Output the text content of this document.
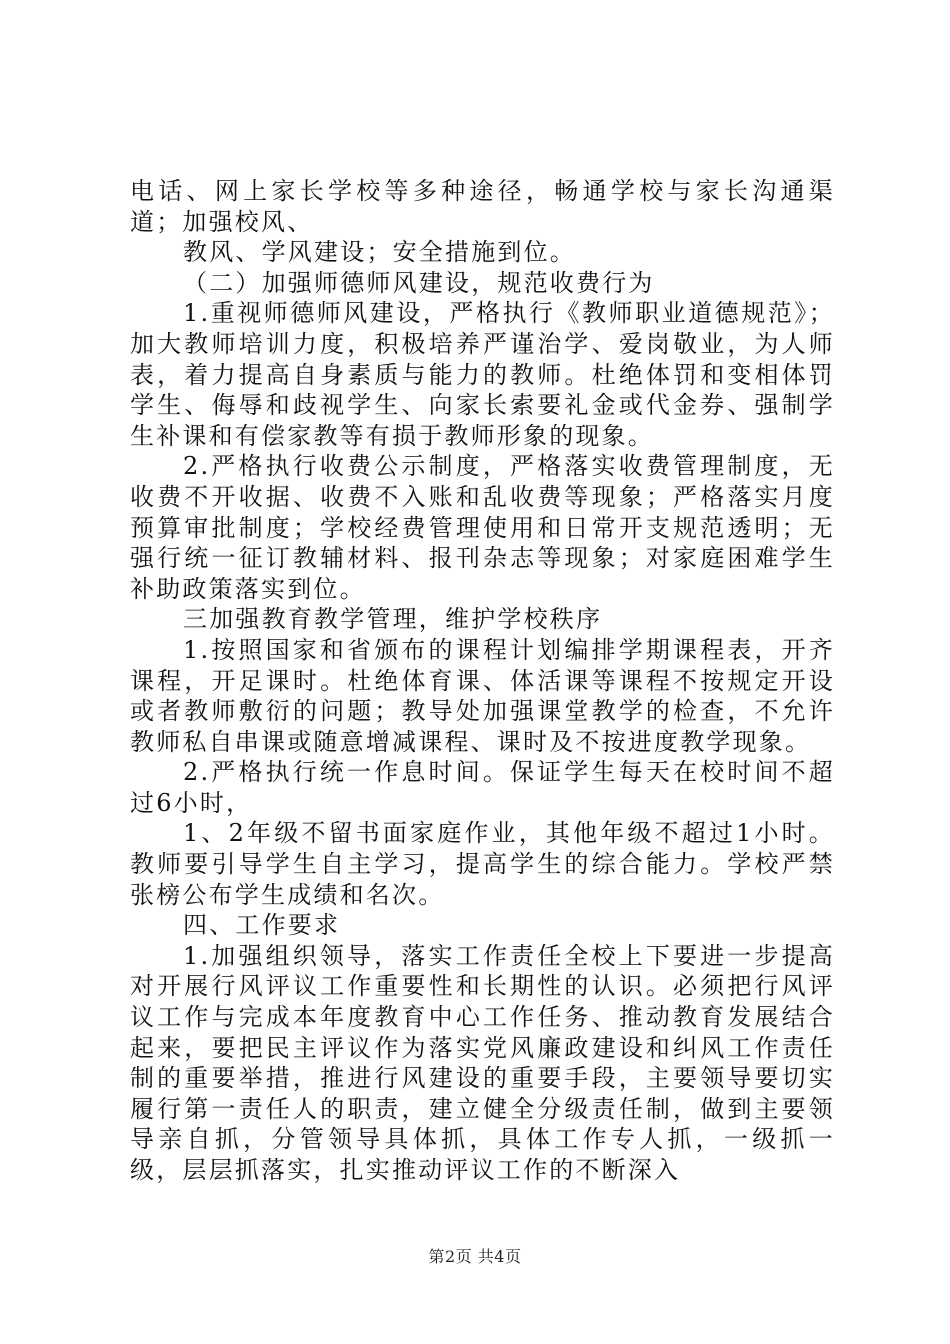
电话、网上家长学校等多种途径，畅通学校与家长沟通渠道；加强校风、

教风、学风建设；安全措施到位。

（二）加强师德师风建设，规范收费行为

1.重视师德师风建设，严格执行《教师职业道德规范》；加大教师培训力度，积极培养严谨治学、爱岗敬业，为人师表，着力提高自身素质与能力的教师。杜绝体罚和变相体罚学生、侮辱和歧视学生、向家长索要礼金或代金券、强制学生补课和有偿家教等有损于教师形象的现象。

2.严格执行收费公示制度，严格落实收费管理制度，无收费不开收据、收费不入账和乱收费等现象；严格落实月度预算审批制度；学校经费管理使用和日常开支规范透明；无强行统一征订教辅材料、报刊杂志等现象；对家庭困难学生补助政策落实到位。

三加强教育教学管理，维护学校秩序

1.按照国家和省颁布的课程计划编排学期课程表，开齐课程，开足课时。杜绝体育课、体活课等课程不按规定开设或者教师敷衍的问题；教导处加强课堂教学的检查，不允许教师私自串课或随意增减课程、课时及不按进度教学现象。

2.严格执行统一作息时间。保证学生每天在校时间不超过6小时，

1、2年级不留书面家庭作业，其他年级不超过1小时。教师要引导学生自主学习，提高学生的综合能力。学校严禁张榜公布学生成绩和名次。

四、工作要求

1.加强组织领导，落实工作责任全校上下要进一步提高对开展行风评议工作重要性和长期性的认识。必须把行风评议工作与完成本年度教育中心工作任务、推动教育发展结合起来，要把民主评议作为落实党风廉政建设和纠风工作责任制的重要举措，推进行风建设的重要手段，主要领导要切实履行第一责任人的职责，建立健全分级责任制，做到主要领导亲自抓，分管领导具体抓，具体工作专人抓，一级抓一级，层层抓落实，扎实推动评议工作的不断深入

第2页 共4页
